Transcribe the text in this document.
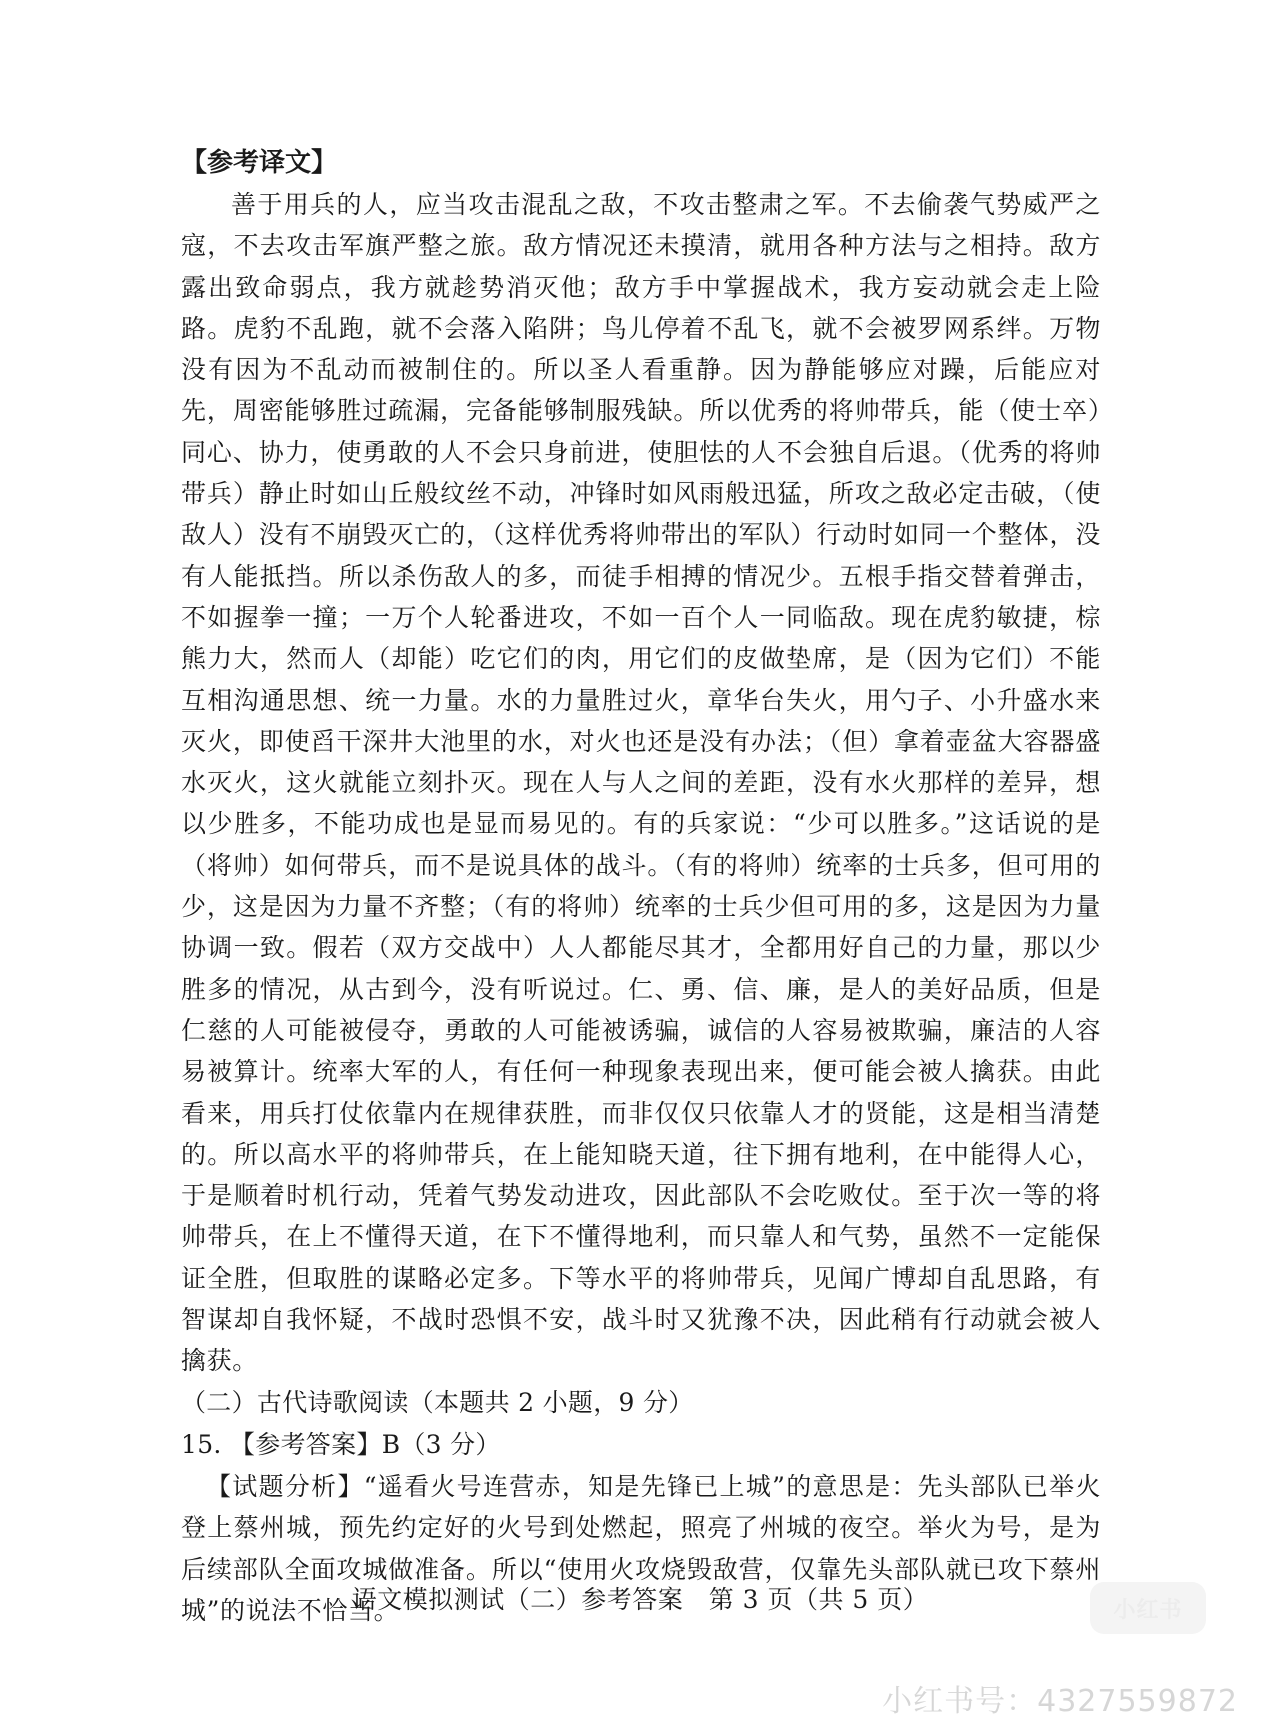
【参考译文】

善于用兵的人，应当攻击混乱之敌，不攻击整肃之军。不去偷袭气势威严之寇，不去攻击军旗严整之旅。敌方情况还未摸清，就用各种方法与之相持。敌方露出致命弱点，我方就趁势消灭他；敌方手中掌握战术，我方妄动就会走上险路。虎豹不乱跑，就不会落入陷阱；鸟儿停着不乱飞，就不会被罗网系绊。万物没有因为不乱动而被制住的。所以圣人看重静。因为静能够应对躁，后能应对先，周密能够胜过疏漏，完备能够制服残缺。所以优秀的将帅带兵，能（使士卒）同心、协力，使勇敢的人不会只身前进，使胆怯的人不会独自后退。（优秀的将帅带兵）静止时如山丘般纹丝不动，冲锋时如风雨般迅猛，所攻之敌必定击破，（使敌人）没有不崩毁灭亡的，（这样优秀将帅带出的军队）行动时如同一个整体，没有人能抵挡。所以杀伤敌人的多，而徒手相搏的情况少。五根手指交替着弹击，不如握拳一撞；一万个人轮番进攻，不如一百个人一同临敌。现在虎豹敏捷，棕熊力大，然而人（却能）吃它们的肉，用它们的皮做垫席，是（因为它们）不能互相沟通思想、统一力量。水的力量胜过火，章华台失火，用勺子、小升盛水来灭火，即使舀干深井大池里的水，对火也还是没有办法；（但）拿着壶盆大容器盛水灭火，这火就能立刻扑灭。现在人与人之间的差距，没有水火那样的差异，想以少胜多，不能功成也是显而易见的。有的兵家说：“少可以胜多。”这话说的是（将帅）如何带兵，而不是说具体的战斗。（有的将帅）统率的士兵多，但可用的少，这是因为力量不齐整；（有的将帅）统率的士兵少但可用的多，这是因为力量协调一致。假若（双方交战中）人人都能尽其才，全都用好自己的力量，那以少胜多的情况，从古到今，没有听说过。仁、勇、信、廉，是人的美好品质，但是仁慈的人可能被侵夺，勇敢的人可能被诱骗，诚信的人容易被欺骗，廉洁的人容易被算计。统率大军的人，有任何一种现象表现出来，便可能会被人擒获。由此看来，用兵打仗依靠内在规律获胜，而非仅仅只依靠人才的贤能，这是相当清楚的。所以高水平的将帅带兵，在上能知晓天道，往下拥有地利，在中能得人心，于是顺着时机行动，凭着气势发动进攻，因此部队不会吃败仗。至于次一等的将帅带兵，在上不懂得天道，在下不懂得地利，而只靠人和气势，虽然不一定能保证全胜，但取胜的谋略必定多。下等水平的将帅带兵，见闻广博却自乱思路，有智谋却自我怀疑，不战时恐惧不安，战斗时又犹豫不决，因此稍有行动就会被人擒获。

（二）古代诗歌阅读（本题共 2 小题，9 分）

15. 【参考答案】B（3 分）

【试题分析】“遥看火号连营赤，知是先锋已上城”的意思是：先头部队已举火登上蔡州城，预先约定好的火号到处燃起，照亮了州城的夜空。举火为号，是为后续部队全面攻城做准备。所以“使用火攻烧毁敌营，仅靠先头部队就已攻下蔡州城”的说法不恰当。

语文模拟测试（二）参考答案　第 3 页（共 5 页）	小红书
小红书号：4327559872
